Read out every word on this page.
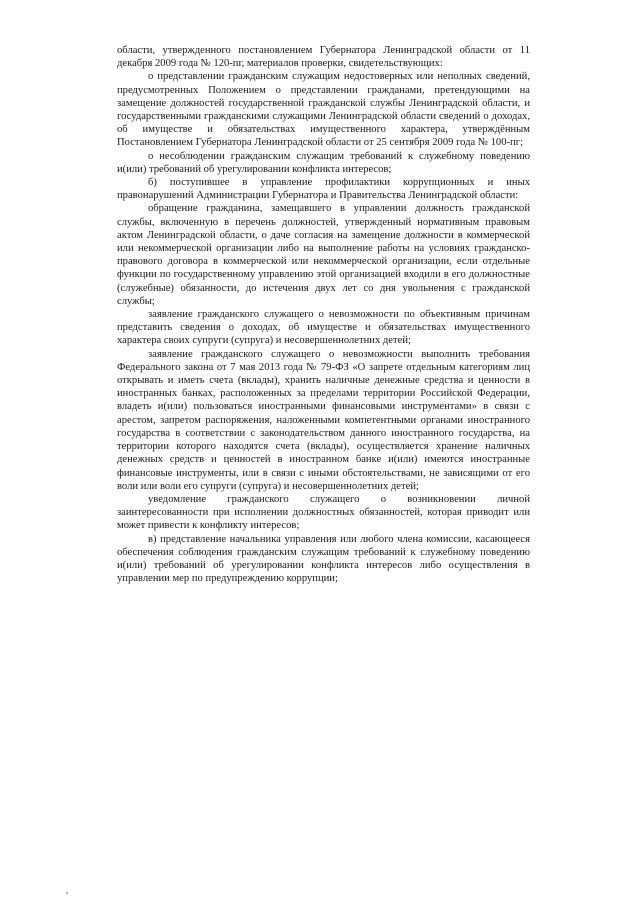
области, утвержденного постановлением Губернатора Ленинградской области от 11 декабря 2009 года № 120-пг, материалов проверки, свидетельствующих:

о представлении гражданским служащим недостоверных или неполных сведений, предусмотренных Положением о представлении гражданами, претендующими на замещение должностей государственной гражданской службы Ленинградской области, и государственными гражданскими служащими Ленинградской области сведений о доходах, об имуществе и обязательствах имущественного характера, утверждённым Постановлением Губернатора Ленинградской области от 25 сентября 2009 года № 100-пг;

о несоблюдении гражданским служащим требований к служебному поведению и(или) требований об урегулировании конфликта интересов;

б) поступившее в управление профилактики коррупционных и иных правонарушений Администрации Губернатора и Правительства Ленинградской области:

обращение гражданина, замещавшего в управлении должность гражданской службы, включенную в перечень должностей, утвержденный нормативным правовым актом Ленинградской области, о даче согласия на замещение должности в коммерческой или некоммерческой организации либо на выполнение работы на условиях гражданско-правового договора в коммерческой или некоммерческой организации, если отдельные функции по государственному управлению этой организацией входили в его должностные (служебные) обязанности, до истечения двух лет со дня увольнения с гражданской службы;

заявление гражданского служащего о невозможности по объективным причинам представить сведения о доходах, об имуществе и обязательствах имущественного характера своих супруги (супруга) и несовершеннолетних детей;

заявление гражданского служащего о невозможности выполнить требования Федерального закона от 7 мая 2013 года № 79-ФЗ «О запрете отдельным категориям лиц открывать и иметь счета (вклады), хранить наличные денежные средства и ценности в иностранных банках, расположенных за пределами территории Российской Федерации, владеть и(или) пользоваться иностранными финансовыми инструментами» в связи с арестом, запретом распоряжения, наложенными компетентными органами иностранного государства в соответствии с законодательством данного иностранного государства, на территории которого находятся счета (вклады), осуществляется хранение наличных денежных средств и ценностей в иностранном банке и(или) имеются иностранные финансовые инструменты, или в связи с иными обстоятельствами, не зависящими от его воли или воли его супруги (супруга) и несовершеннолетних детей;

уведомление гражданского служащего о возникновении личной заинтересованности при исполнении должностных обязанностей, которая приводит или может привести к конфликту интересов;

в) представление начальника управления или любого члена комиссии, касающееся обеспечения соблюдения гражданским служащим требований к служебному поведению и(или) требований об урегулировании конфликта интересов либо осуществления в управлении мер по предупреждению коррупции;
